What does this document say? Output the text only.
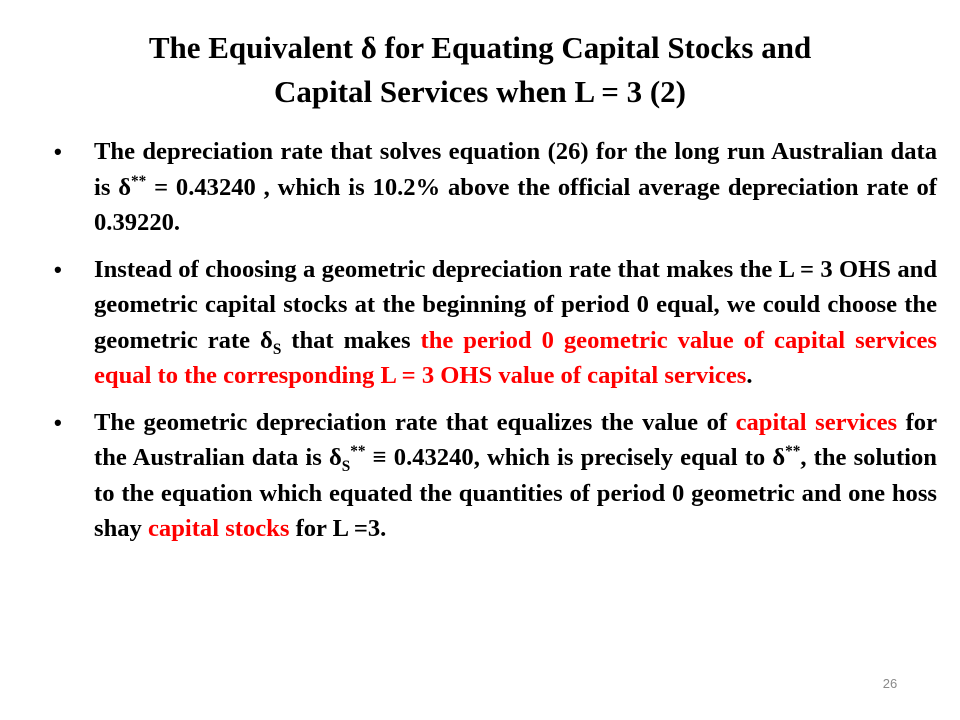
The Equivalent δ for Equating Capital Stocks and
Capital Services when L = 3 (2)
• The depreciation rate that solves equation (26) for the long run Australian data is δ** = 0.43240 , which is 10.2% above the official average depreciation rate of 0.39220.
• Instead of choosing a geometric depreciation rate that makes the L = 3 OHS and geometric capital stocks at the beginning of period 0 equal, we could choose the geometric rate $\delta_S$ that makes the period 0 geometric value of capital services equal to the corresponding L = 3 OHS value of capital services.
• The geometric depreciation rate that equalizes the value of capital services for the Australian data is $\delta_S^{**} \equiv 0.43240$, which is precisely equal to δ**, the solution to the equation which equated the quantities of period 0 geometric and one hoss shay capital stocks for L =3.
26
